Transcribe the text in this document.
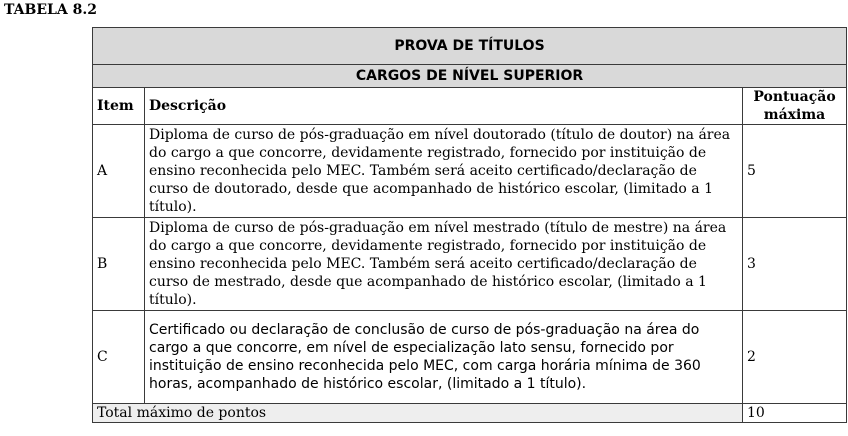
TABELA 8.2
PROVA DE TÍTULOS		
CARGOS DE NÍVEL SUPERIOR		
Item	Descrição	Pontuação
máxima
A	Diploma de curso de pós-graduação em nível doutorado (título de doutor) na área do cargo a que concorre, devidamente registrado, fornecido por instituição de ensino reconhecida pelo MEC. Também será aceito certificado/declaração de curso de doutorado, desde que acompanhado de histórico escolar, (limitado a 1 título).	5
B	Diploma de curso de pós-graduação em nível mestrado (título de mestre) na área do cargo a que concorre, devidamente registrado, fornecido por instituição de ensino reconhecida pelo MEC. Também será aceito certificado/declaração de curso de mestrado, desde que acompanhado de histórico escolar, (limitado a 1 título).	3
C	Certificado ou declaração de conclusão de curso de pós-graduação na área do cargo a que concorre, em nível de especialização lato sensu, fornecido por instituição de ensino reconhecida pelo MEC, com carga horária mínima de 360 horas, acompanhado de histórico escolar, (limitado a 1 título).	2
Total máximo de pontos		10
